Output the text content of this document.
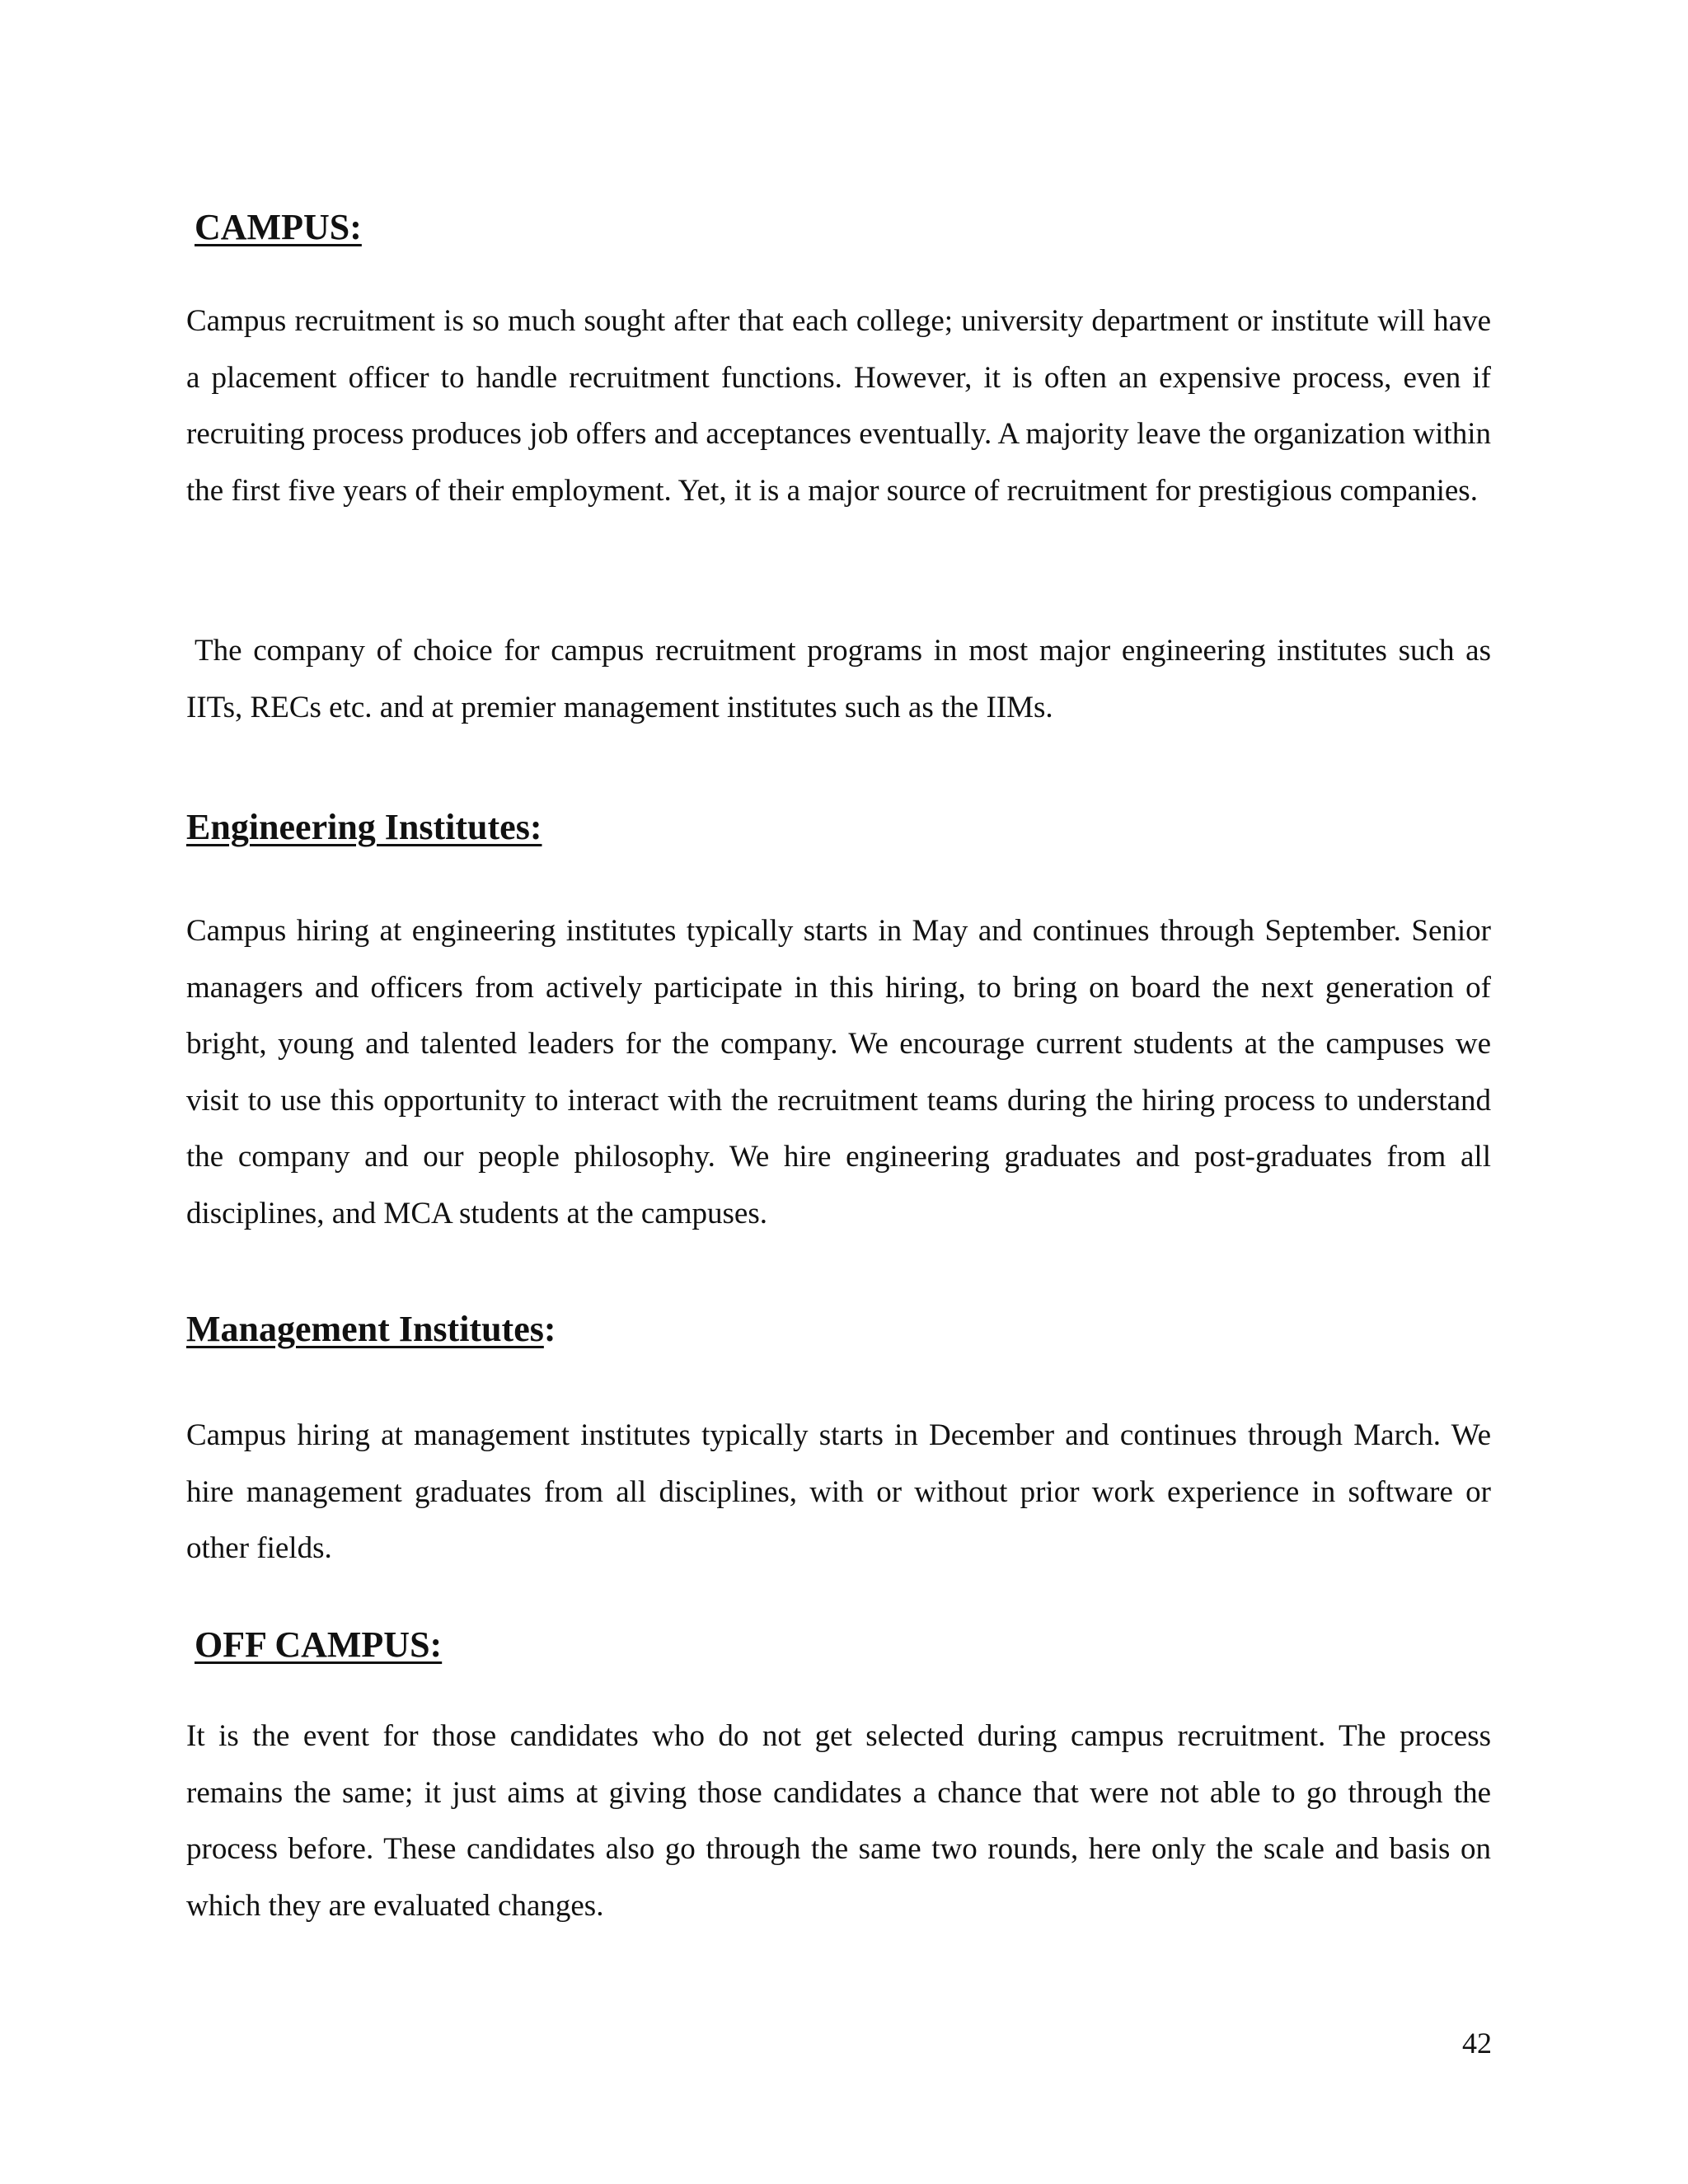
CAMPUS:

Campus recruitment is so much sought after that each college; university department or institute will have a placement officer to handle recruitment functions. However, it is often an expensive process, even if recruiting process produces job offers and acceptances eventually. A majority leave the organization within the first five years of their employment. Yet, it is a major source of recruitment for prestigious companies.

The company of choice for campus recruitment programs in most major engineering institutes such as IITs, RECs etc. and at premier management institutes such as the IIMs.

Engineering Institutes:

Campus hiring at engineering institutes typically starts in May and continues through September. Senior managers and officers from actively participate in this hiring, to bring on board the next generation of bright, young and talented leaders for the company. We encourage current students at the campuses we visit to use this opportunity to interact with the recruitment teams during the hiring process to understand the company and our people philosophy. We hire engineering graduates and post-graduates from all disciplines, and MCA students at the campuses.

Management Institutes:

Campus hiring at management institutes typically starts in December and continues through March. We hire management graduates from all disciplines, with or without prior work experience in software or other fields.

OFF CAMPUS:

It is the event for those candidates who do not get selected during campus recruitment. The process remains the same; it just aims at giving those candidates a chance that were not able to go through the process before. These candidates also go through the same two rounds, here only the scale and basis on which they are evaluated changes.

42
